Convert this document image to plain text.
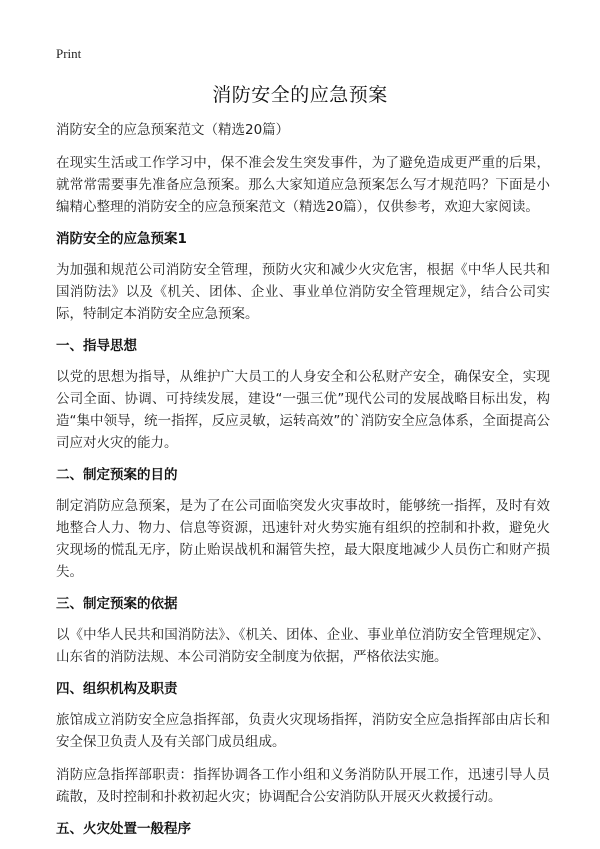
Print
消防安全的应急预案
消防安全的应急预案范文（精选20篇）

在现实生活或工作学习中，保不准会发生突发事件，为了避免造成更严重的后果，就常常需要事先准备应急预案。那么大家知道应急预案怎么写才规范吗？下面是小编精心整理的消防安全的应急预案范文（精选20篇），仅供参考，欢迎大家阅读。

消防安全的应急预案1

为加强和规范公司消防安全管理，预防火灾和减少火灾危害，根据《中华人民共和国消防法》以及《机关、团体、企业、事业单位消防安全管理规定》，结合公司实际，特制定本消防安全应急预案。

一、指导思想

以党的思想为指导，从维护广大员工的人身安全和公私财产安全，确保安全，实现公司全面、协调、可持续发展，建设“一强三优”现代公司的发展战略目标出发，构造“集中领导，统一指挥，反应灵敏，运转高效”的`消防安全应急体系，全面提高公司应对火灾的能力。

二、制定预案的目的

制定消防应急预案，是为了在公司面临突发火灾事故时，能够统一指挥，及时有效地整合人力、物力、信息等资源，迅速针对火势实施有组织的控制和扑救，避免火灾现场的慌乱无序，防止贻误战机和漏管失控，最大限度地减少人员伤亡和财产损失。

三、制定预案的依据

以《中华人民共和国消防法》、《机关、团体、企业、事业单位消防安全管理规定》、山东省的消防法规、本公司消防安全制度为依据，严格依法实施。

四、组织机构及职责

旅馆成立消防安全应急指挥部，负责火灾现场指挥，消防安全应急指挥部由店长和安全保卫负责人及有关部门成员组成。

消防应急指挥部职责：指挥协调各工作小组和义务消防队开展工作，迅速引导人员疏散，及时控制和扑救初起火灾；协调配合公安消防队开展灭火救援行动。

五、火灾处置一般程序
